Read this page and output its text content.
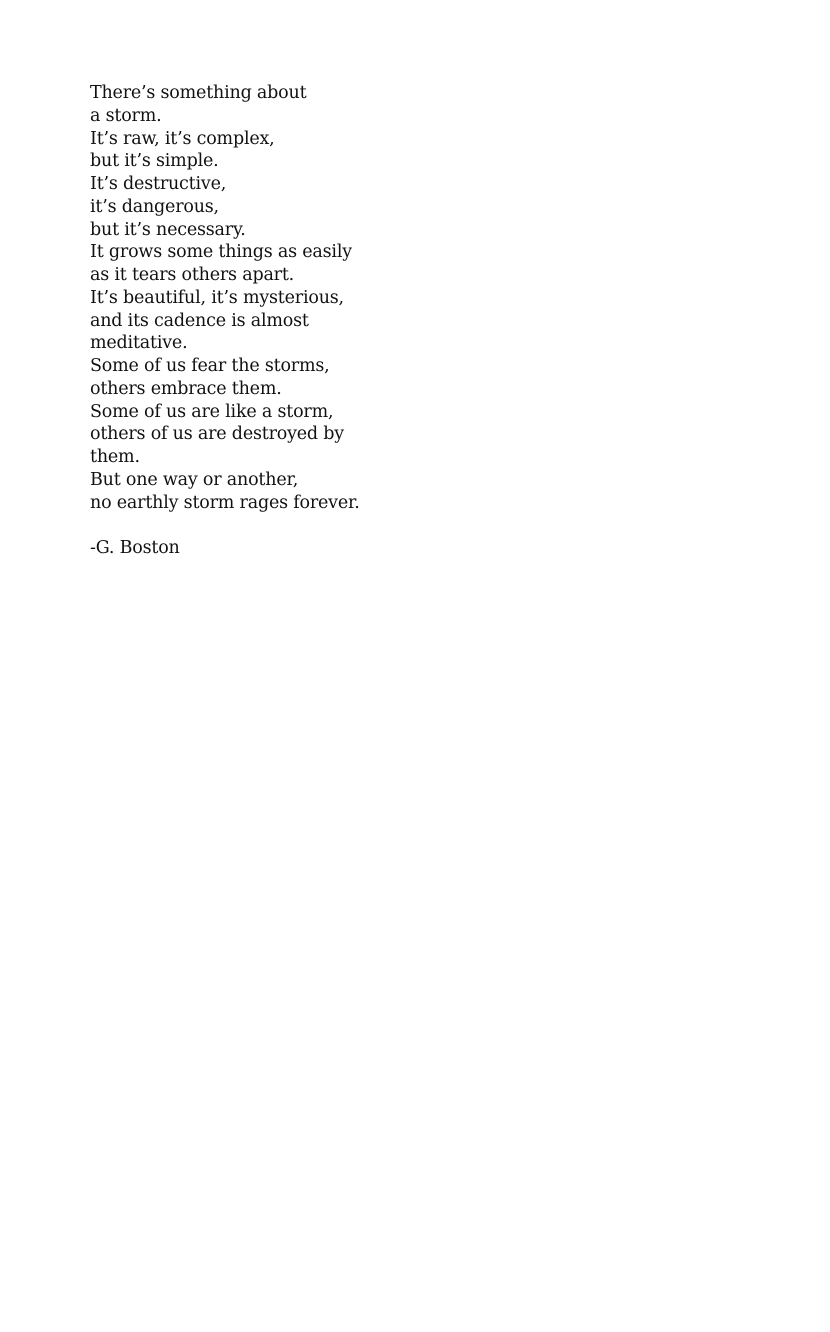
There’s something about
a storm.
It’s raw, it’s complex,
but it’s simple.
It’s destructive,
it’s dangerous,
but it’s necessary.
It grows some things as easily
as it tears others apart.
It’s beautiful, it’s mysterious,
and its cadence is almost
meditative.
Some of us fear the storms,
others embrace them.
Some of us are like a storm,
others of us are destroyed by
them.
But one way or another,
no earthly storm rages forever.
-G. Boston
